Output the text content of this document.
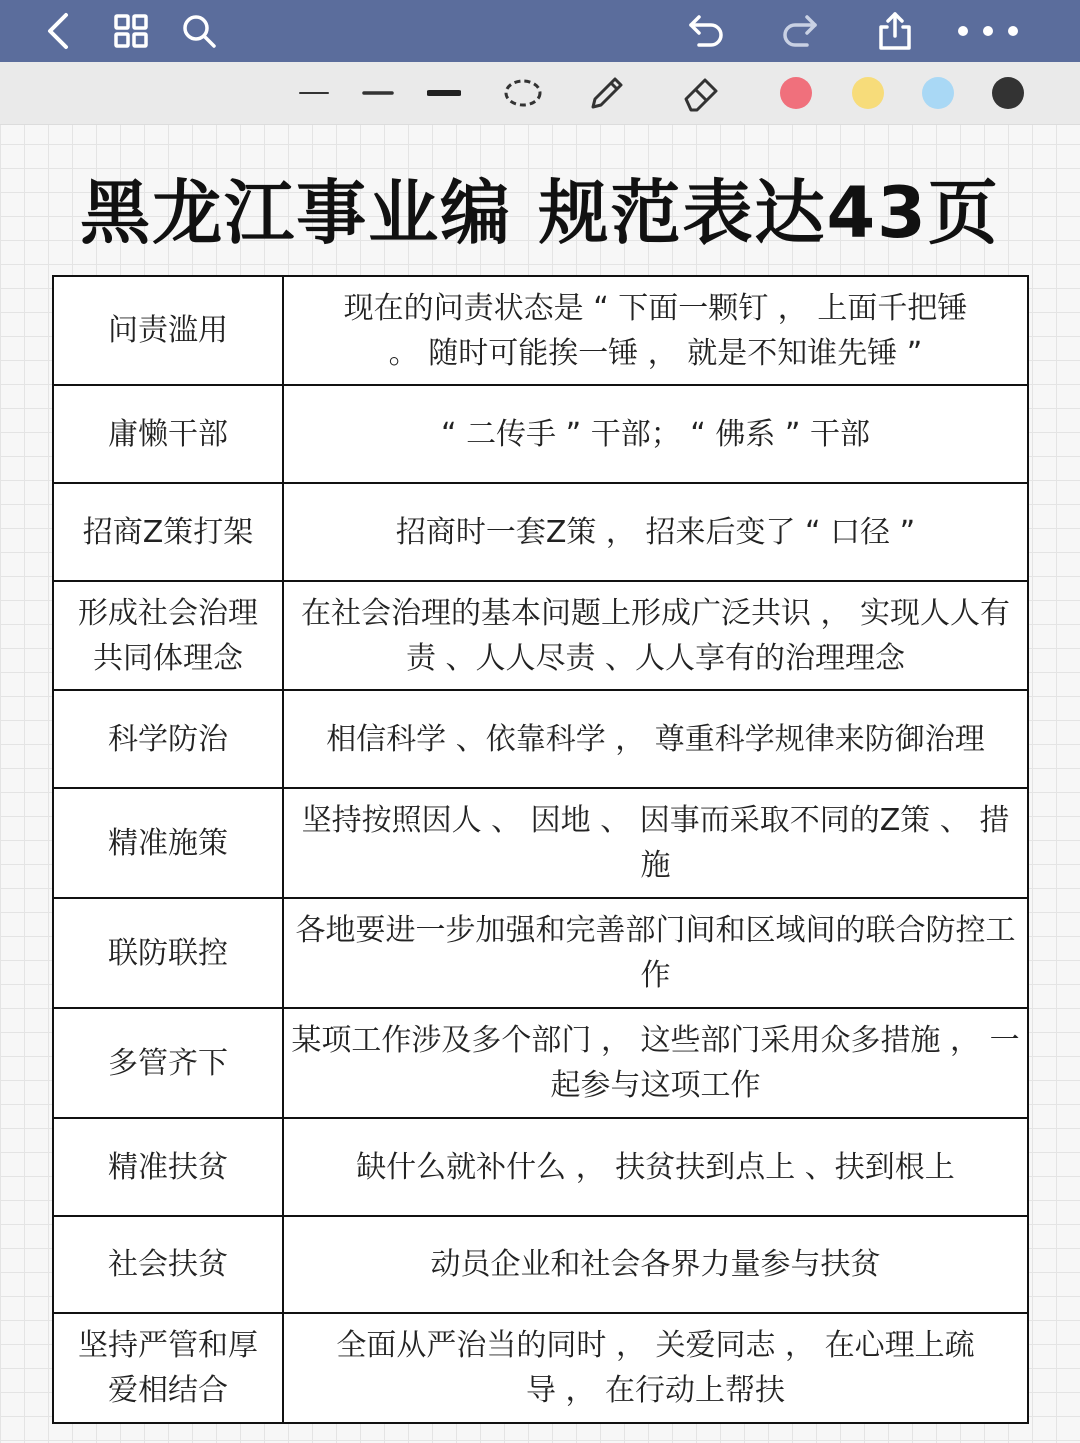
黑龙江事业编 规范表达43页
问责滥用	现在的问责状态是 “ 下面一颗钉 ， 上面千把锤 。 随时可能挨一锤 ， 就是不知谁先锤 ”
庸懒干部	“ 二传手 ” 干部； “ 佛系 ” 干部
招商Z策打架	招商时一套Z策 ， 招来后变了 “ 口径 ”
形成社会治理共同体理念	在社会治理的基本问题上形成广泛共识 ， 实现人人有责 、人人尽责 、人人享有的治理理念
科学防治	相信科学 、依靠科学 ， 尊重科学规律来防御治理
精准施策	坚持按照因人 、 因地 、 因事而采取不同的Z策 、 措施
联防联控	各地要进一步加强和完善部门间和区域间的联合防控工作
多管齐下	某项工作涉及多个部门 ， 这些部门采用众多措施 ， 一起参与这项工作
精准扶贫	缺什么就补什么 ， 扶贫扶到点上 、扶到根上
社会扶贫	动员企业和社会各界力量参与扶贫
坚持严管和厚爱相结合	全面从严治当的同时 ， 关爱同志 ， 在心理上疏导 ， 在行动上帮扶
